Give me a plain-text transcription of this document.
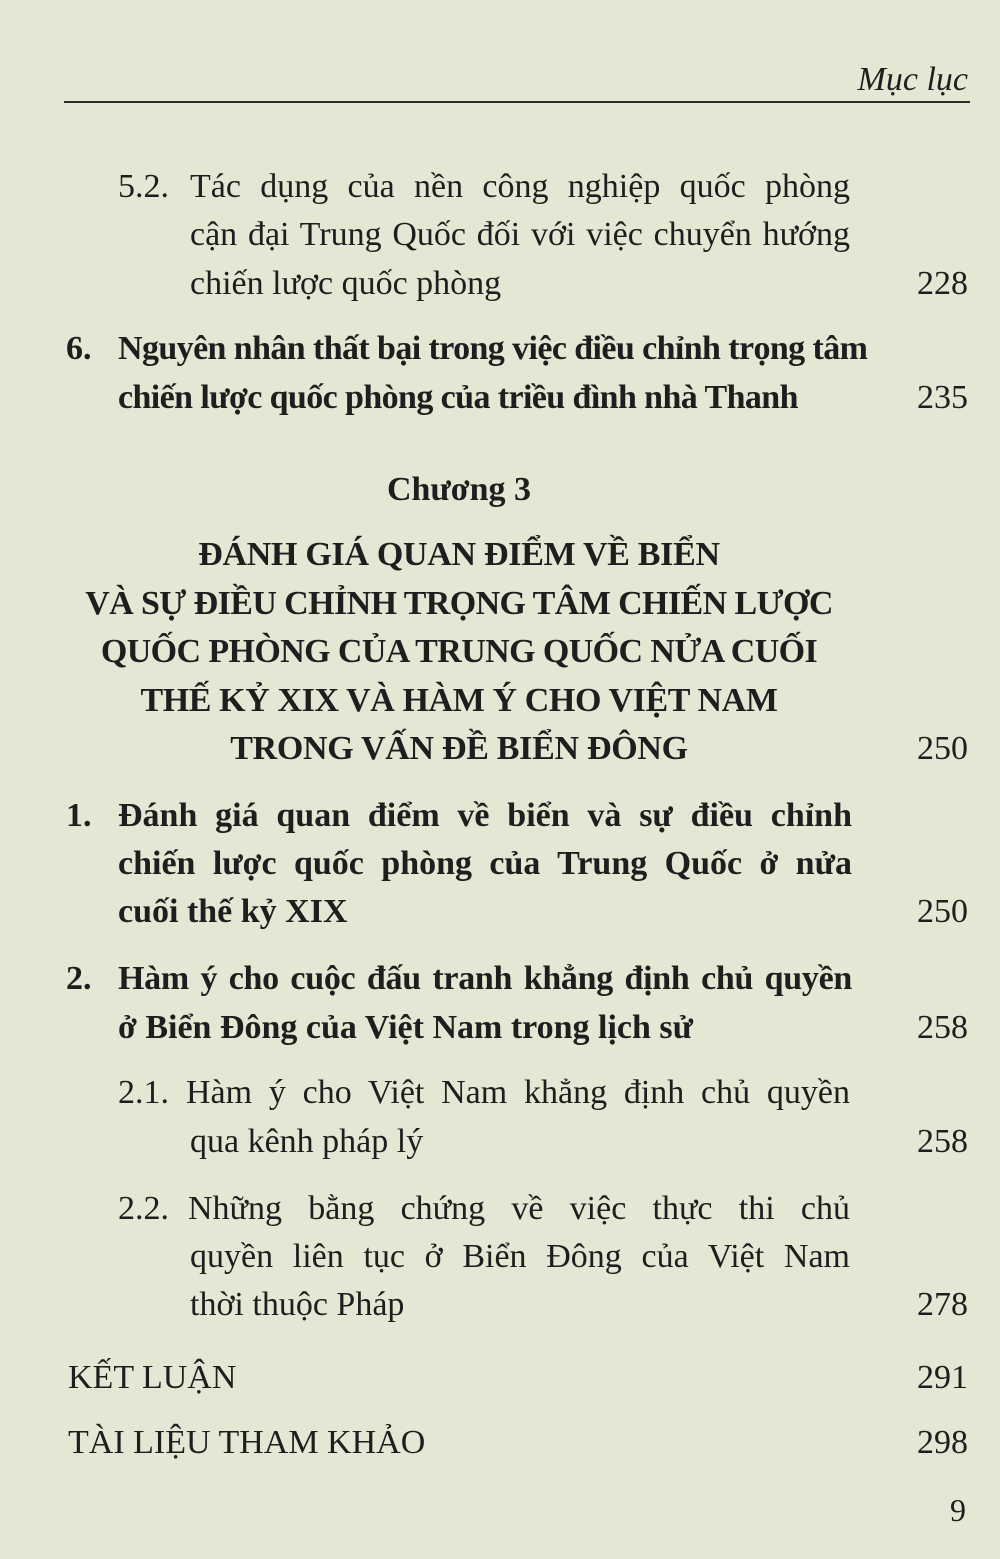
Mục lục
5.2. Tác dụng của nền công nghiệp quốc phòng
cận đại Trung Quốc đối với việc chuyển hướng
chiến lược quốc phòng	228
6. Nguyên nhân thất bại trong việc điều chỉnh trọng tâm
chiến lược quốc phòng của triều đình nhà Thanh	235
Chương 3
ĐÁNH GIÁ QUAN ĐIỂM VỀ BIỂN
VÀ SỰ ĐIỀU CHỈNH TRỌNG TÂM CHIẾN LƯỢC
QUỐC PHÒNG CỦA TRUNG QUỐC NỬA CUỐI
THẾ KỶ XIX VÀ HÀM Ý CHO VIỆT NAM
TRONG VẤN ĐỀ BIỂN ĐÔNG	250
1. Đánh giá quan điểm về biển và sự điều chỉnh
chiến lược quốc phòng của Trung Quốc ở nửa
cuối thế kỷ XIX	250
2. Hàm ý cho cuộc đấu tranh khẳng định chủ quyền
ở Biển Đông của Việt Nam trong lịch sử	258
2.1. Hàm ý cho Việt Nam khẳng định chủ quyền
qua kênh pháp lý	258
2.2. Những bằng chứng về việc thực thi chủ
quyền liên tục ở Biển Đông của Việt Nam
thời thuộc Pháp	278
KẾT LUẬN	291
TÀI LIỆU THAM KHẢO	298
9
